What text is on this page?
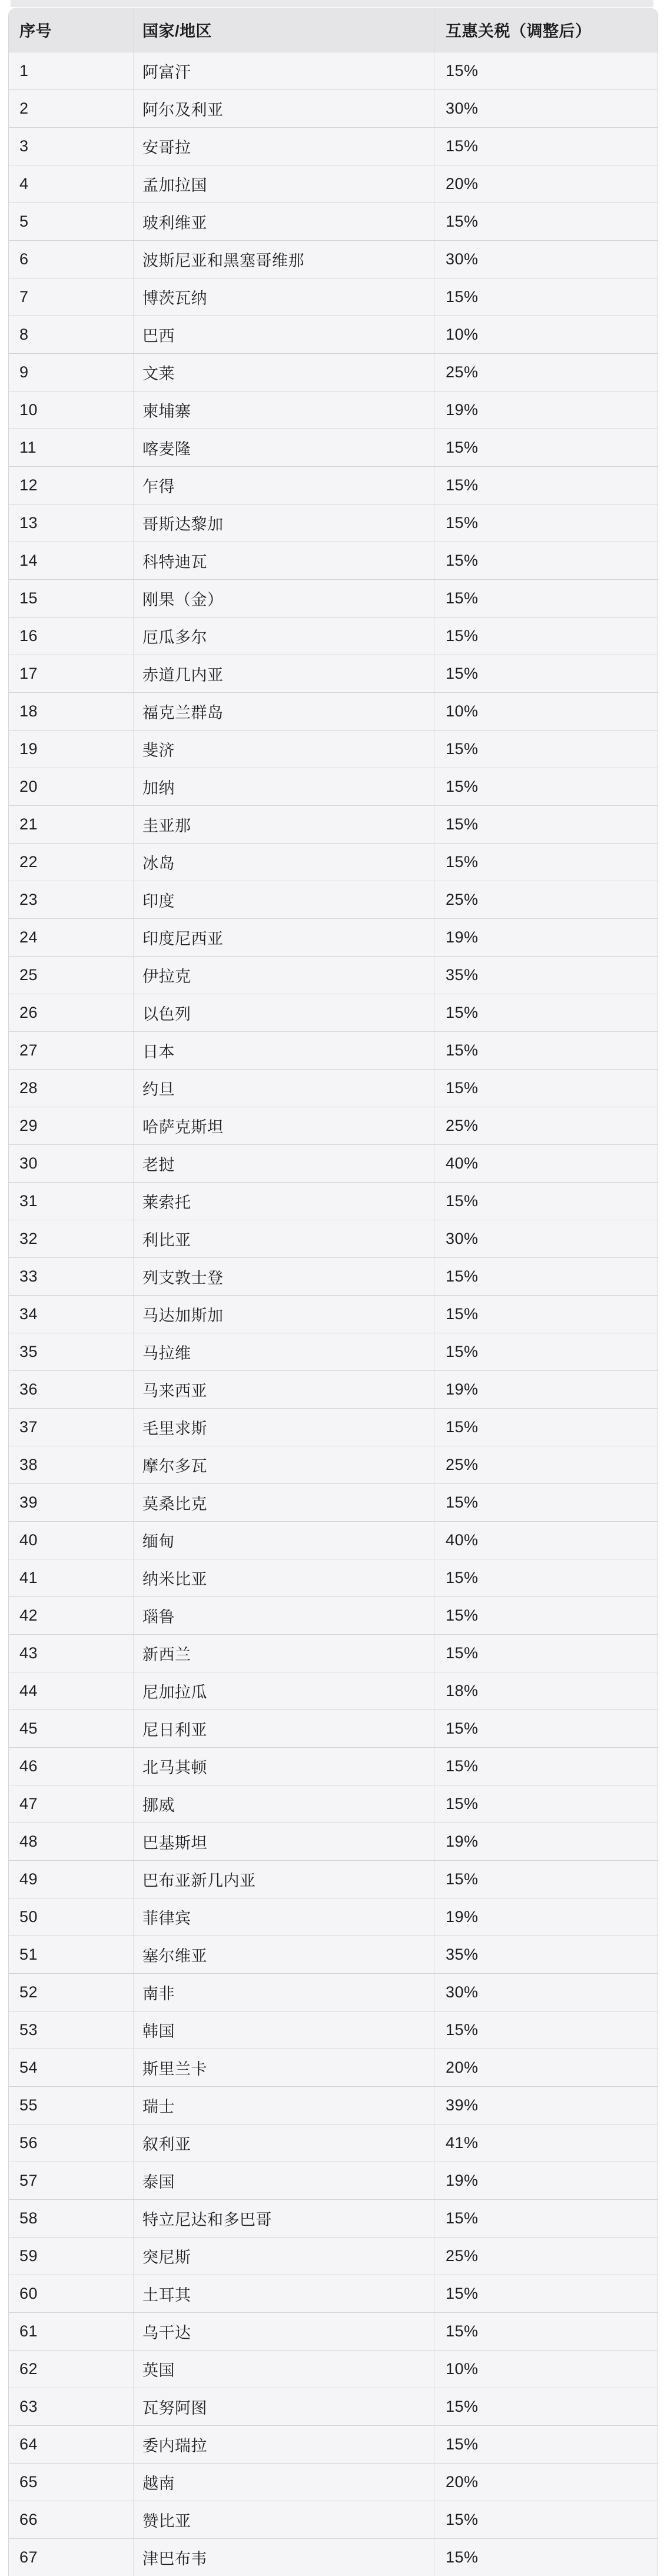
序号	国家/地区	互惠关税（调整后）
1	阿富汗	15%
2	阿尔及利亚	30%
3	安哥拉	15%
4	孟加拉国	20%
5	玻利维亚	15%
6	波斯尼亚和黑塞哥维那	30%
7	博茨瓦纳	15%
8	巴西	10%
9	文莱	25%
10	柬埔寨	19%
11	喀麦隆	15%
12	乍得	15%
13	哥斯达黎加	15%
14	科特迪瓦	15%
15	刚果（金）	15%
16	厄瓜多尔	15%
17	赤道几内亚	15%
18	福克兰群岛	10%
19	斐济	15%
20	加纳	15%
21	圭亚那	15%
22	冰岛	15%
23	印度	25%
24	印度尼西亚	19%
25	伊拉克	35%
26	以色列	15%
27	日本	15%
28	约旦	15%
29	哈萨克斯坦	25%
30	老挝	40%
31	莱索托	15%
32	利比亚	30%
33	列支敦士登	15%
34	马达加斯加	15%
35	马拉维	15%
36	马来西亚	19%
37	毛里求斯	15%
38	摩尔多瓦	25%
39	莫桑比克	15%
40	缅甸	40%
41	纳米比亚	15%
42	瑙鲁	15%
43	新西兰	15%
44	尼加拉瓜	18%
45	尼日利亚	15%
46	北马其顿	15%
47	挪威	15%
48	巴基斯坦	19%
49	巴布亚新几内亚	15%
50	菲律宾	19%
51	塞尔维亚	35%
52	南非	30%
53	韩国	15%
54	斯里兰卡	20%
55	瑞士	39%
56	叙利亚	41%
57	泰国	19%
58	特立尼达和多巴哥	15%
59	突尼斯	25%
60	土耳其	15%
61	乌干达	15%
62	英国	10%
63	瓦努阿图	15%
64	委内瑞拉	15%
65	越南	20%
66	赞比亚	15%
67	津巴布韦	15%
